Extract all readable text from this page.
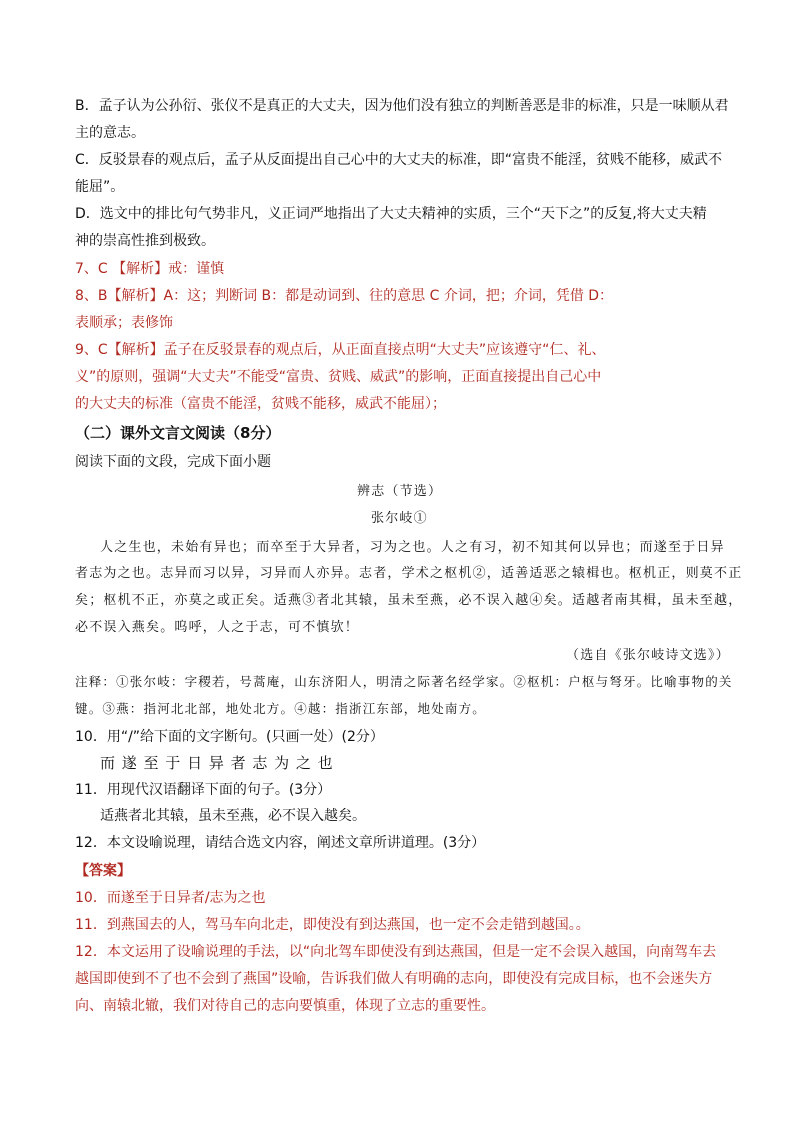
B．孟子认为公孙衍、张仪不是真正的大丈夫，因为他们没有独立的判断善恶是非的标准，只是一味顺从君
主的意志。
C．反驳景春的观点后，孟子从反面提出自己心中的大丈夫的标准，即“富贵不能淫，贫贱不能移，威武不
能屈”。
D．选文中的排比句气势非凡，义正词严地指出了大丈夫精神的实质，三个“天下之”的反复,将大丈夫精
神的崇高性推到极致。
7、C 【解析】戒：谨慎
8、B【解析】A：这；判断词 B：都是动词到、往的意思 C 介词，把；介词，凭借 D：
表顺承；表修饰
9、C【解析】孟子在反驳景春的观点后，从正面直接点明“大丈夫”应该遵守“仁、礼、
义”的原则，强调“大丈夫”不能受“富贵、贫贱、威武”的影响，正面直接提出自己心中
的大丈夫的标准（富贵不能淫，贫贱不能移，威武不能屈）；
（二）课外文言文阅读（8分）
阅读下面的文段，完成下面小题
辨志（节选）
张尔岐①
人之生也，未始有异也；而卒至于大异者，习为之也。人之有习，初不知其何以异也；而遂至于日异
者志为之也。志异而习以异，习异而人亦异。志者，学术之枢机②，适善适恶之辕楫也。枢机正，则莫不正
矣；枢机不正，亦莫之或正矣。适燕③者北其辕，虽未至燕，必不误入越④矣。适越者南其楫，虽未至越，
必不误入燕矣。呜呼，人之于志，可不慎欤！
（选自《张尔岐诗文选》）
注释：①张尔岐：字稷若，号蒿庵，山东济阳人，明清之际著名经学家。②枢机：户枢与弩牙。比喻事物的关
键。③燕：指河北北部，地处北方。④越：指浙江东部，地处南方。
10．用“/”给下面的文字断句。(只画一处）(2分）
而 遂 至 于 日 异 者 志 为 之 也
11．用现代汉语翻译下面的句子。(3分）
适燕者北其辕，虽未至燕，必不误入越矣。
12．本文设喻说理，请结合选文内容，阐述文章所讲道理。(3分）
【答案】
10．而遂至于日异者/志为之也
11．到燕国去的人，驾马车向北走，即使没有到达燕国，也一定不会走错到越国。。
12．本文运用了设喻说理的手法，以“向北驾车即使没有到达燕国，但是一定不会误入越国，向南驾车去
越国即使到不了也不会到了燕国”设喻，告诉我们做人有明确的志向，即使没有完成目标，也不会迷失方
向、南辕北辙，我们对待自己的志向要慎重，体现了立志的重要性。
